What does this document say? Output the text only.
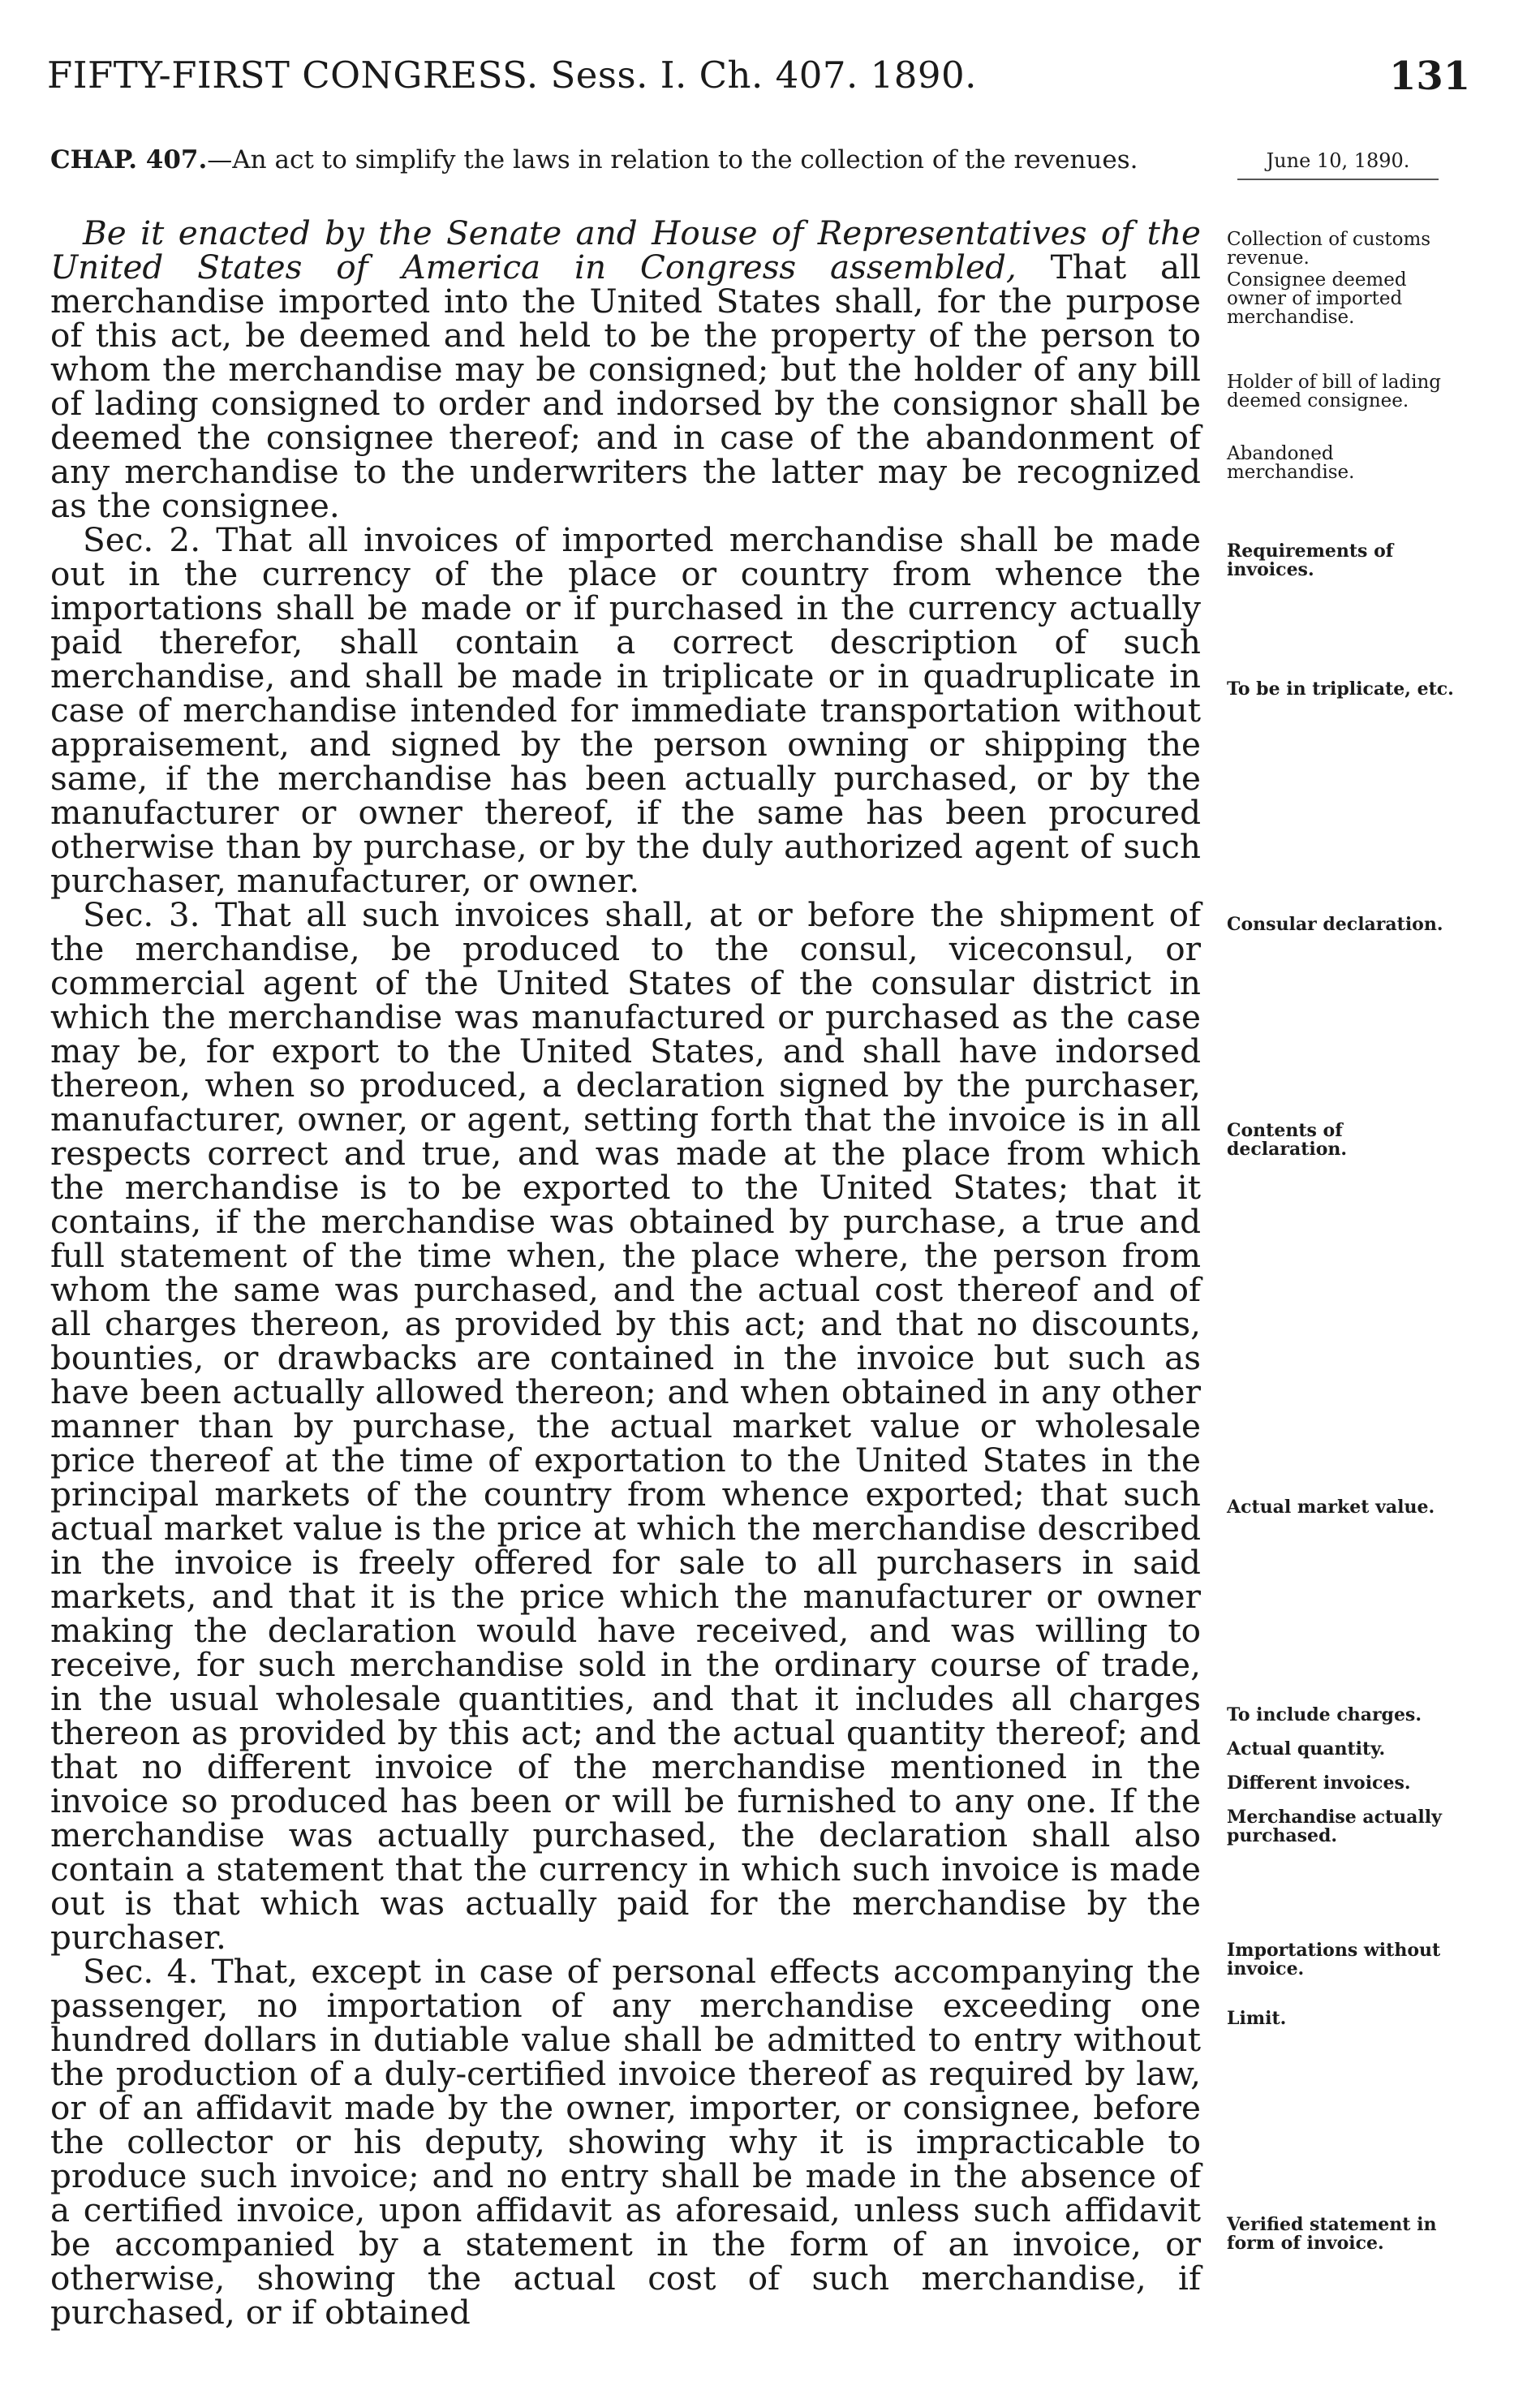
FIFTY-FIRST CONGRESS. Sess. I. Ch. 407. 1890.	131
June 10, 1890.

CHAP. 407.—An act to simplify the laws in relation to the collection of the revenues.

Be it enacted by the Senate and House of Representatives of the United States of America in Congress assembled, That all merchandise imported into the United States shall, for the purpose of this act, be deemed and held to be the property of the person to whom the merchandise may be consigned; but the holder of any bill of lading consigned to order and indorsed by the consignor shall be deemed the consignee thereof; and in case of the abandonment of any merchandise to the underwriters the latter may be recognized as the consignee.

Sec. 2. That all invoices of imported merchandise shall be made out in the currency of the place or country from whence the importations shall be made or if purchased in the currency actually paid therefor, shall contain a correct description of such merchandise, and shall be made in triplicate or in quadruplicate in case of merchandise intended for immediate transportation without appraisement, and signed by the person owning or shipping the same, if the merchandise has been actually purchased, or by the manufacturer or owner thereof, if the same has been procured otherwise than by purchase, or by the duly authorized agent of such purchaser, manufacturer, or owner.

Sec. 3. That all such invoices shall, at or before the shipment of the merchandise, be produced to the consul, viceconsul, or commercial agent of the United States of the consular district in which the merchandise was manufactured or purchased as the case may be, for export to the United States, and shall have indorsed thereon, when so produced, a declaration signed by the purchaser, manufacturer, owner, or agent, setting forth that the invoice is in all respects correct and true, and was made at the place from which the merchandise is to be exported to the United States; that it contains, if the merchandise was obtained by purchase, a true and full statement of the time when, the place where, the person from whom the same was purchased, and the actual cost thereof and of all charges thereon, as provided by this act; and that no discounts, bounties, or drawbacks are contained in the invoice but such as have been actually allowed thereon; and when obtained in any other manner than by purchase, the actual market value or wholesale price thereof at the time of exportation to the United States in the principal markets of the country from whence exported; that such actual market value is the price at which the merchandise described in the invoice is freely offered for sale to all purchasers in said markets, and that it is the price which the manufacturer or owner making the declaration would have received, and was willing to receive, for such merchandise sold in the ordinary course of trade, in the usual wholesale quantities, and that it includes all charges thereon as provided by this act; and the actual quantity thereof; and that no different invoice of the merchandise mentioned in the invoice so produced has been or will be furnished to any one. If the merchandise was actually purchased, the declaration shall also contain a statement that the currency in which such invoice is made out is that which was actually paid for the merchandise by the purchaser.

Sec. 4. That, except in case of personal effects accompanying the passenger, no importation of any merchandise exceeding one hundred dollars in dutiable value shall be admitted to entry without the production of a duly-certified invoice thereof as required by law, or of an affidavit made by the owner, importer, or consignee, before the collector or his deputy, showing why it is impracticable to produce such invoice; and no entry shall be made in the absence of a certified invoice, upon affidavit as aforesaid, unless such affidavit be accompanied by a statement in the form of an invoice, or otherwise, showing the actual cost of such merchandise, if purchased, or if obtained

Collection of customs revenue.
Consignee deemed owner of imported merchandise.
Holder of bill of lading deemed consignee.
Abandoned merchandise.
Requirements of invoices.
To be in triplicate, etc.
Consular declaration.
Contents of declaration.
Actual market value.
To include charges.
Actual quantity.
Different invoices.
Merchandise actually purchased.
Importations without invoice.
Limit.
Verified statement in form of invoice.
